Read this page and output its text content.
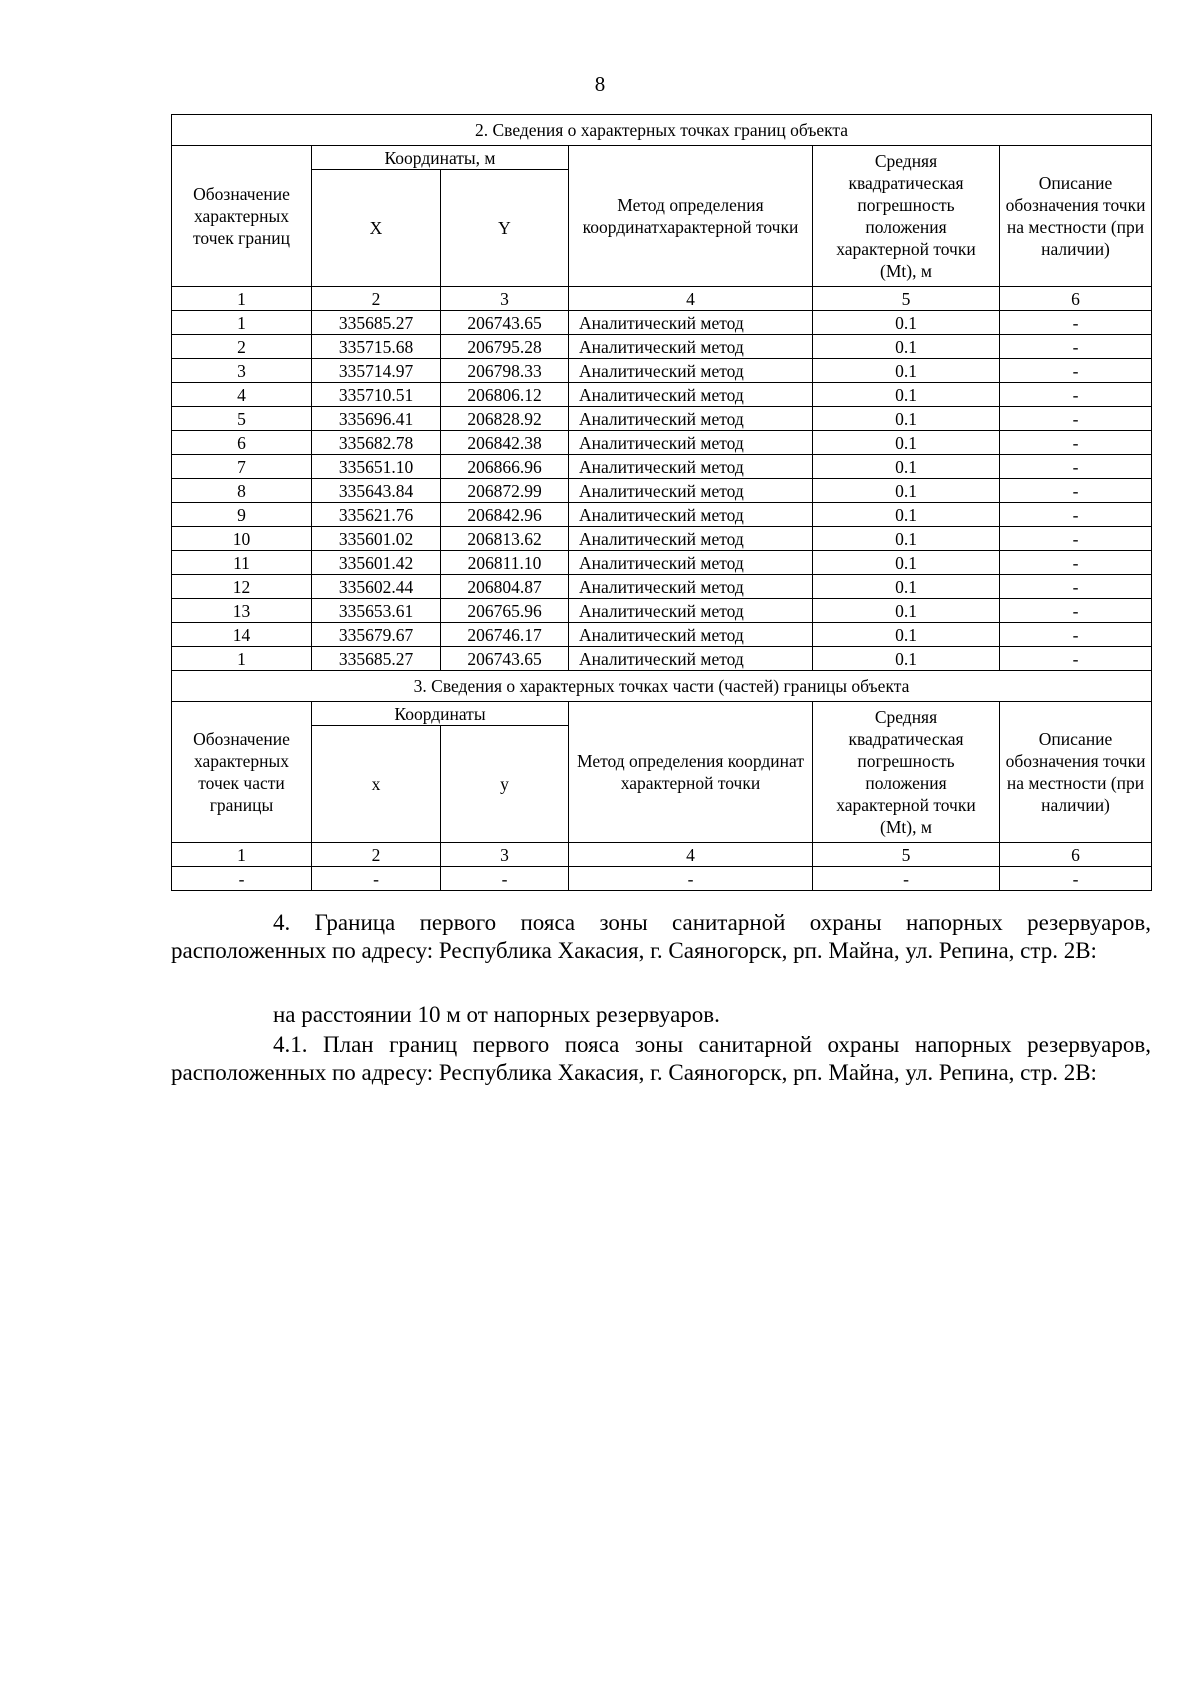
8
2. Сведения о характерных точках границ объекта					
Обозначение характерных точек границ	Координаты, м		Метод определения координатхарактерной точки	Средняя квадратическая погрешность положения характерной точки (Mt), м	Описание обозначения точки на местности (при наличии)
	X	Y			
1	2	3	4	5	6
1	335685.27	206743.65	Аналитический метод	0.1	-
2	335715.68	206795.28	Аналитический метод	0.1	-
3	335714.97	206798.33	Аналитический метод	0.1	-
4	335710.51	206806.12	Аналитический метод	0.1	-
5	335696.41	206828.92	Аналитический метод	0.1	-
6	335682.78	206842.38	Аналитический метод	0.1	-
7	335651.10	206866.96	Аналитический метод	0.1	-
8	335643.84	206872.99	Аналитический метод	0.1	-
9	335621.76	206842.96	Аналитический метод	0.1	-
10	335601.02	206813.62	Аналитический метод	0.1	-
11	335601.42	206811.10	Аналитический метод	0.1	-
12	335602.44	206804.87	Аналитический метод	0.1	-
13	335653.61	206765.96	Аналитический метод	0.1	-
14	335679.67	206746.17	Аналитический метод	0.1	-
1	335685.27	206743.65	Аналитический метод	0.1	-
3. Сведения о характерных точках части (частей) границы объекта					
Обозначение характерных точек части границы	Координаты		Метод определения координат характерной точки	Средняя квадратическая погрешность положения характерной точки (Mt), м	Описание обозначения точки на местности (при наличии)
	х	у			
1	2	3	4	5	6
-	-	-	-	-	-

4. Граница первого пояса зоны санитарной охраны напорных резервуаров, расположенных по адресу: Республика Хакасия, г. Саяногорск, рп. Майна, ул. Репина, стр. 2В:

на расстоянии 10 м от напорных резервуаров.

4.1. План границ первого пояса зоны санитарной охраны напорных резервуаров, расположенных по адресу: Республика Хакасия, г. Саяногорск, рп. Майна, ул. Репина, стр. 2В:
